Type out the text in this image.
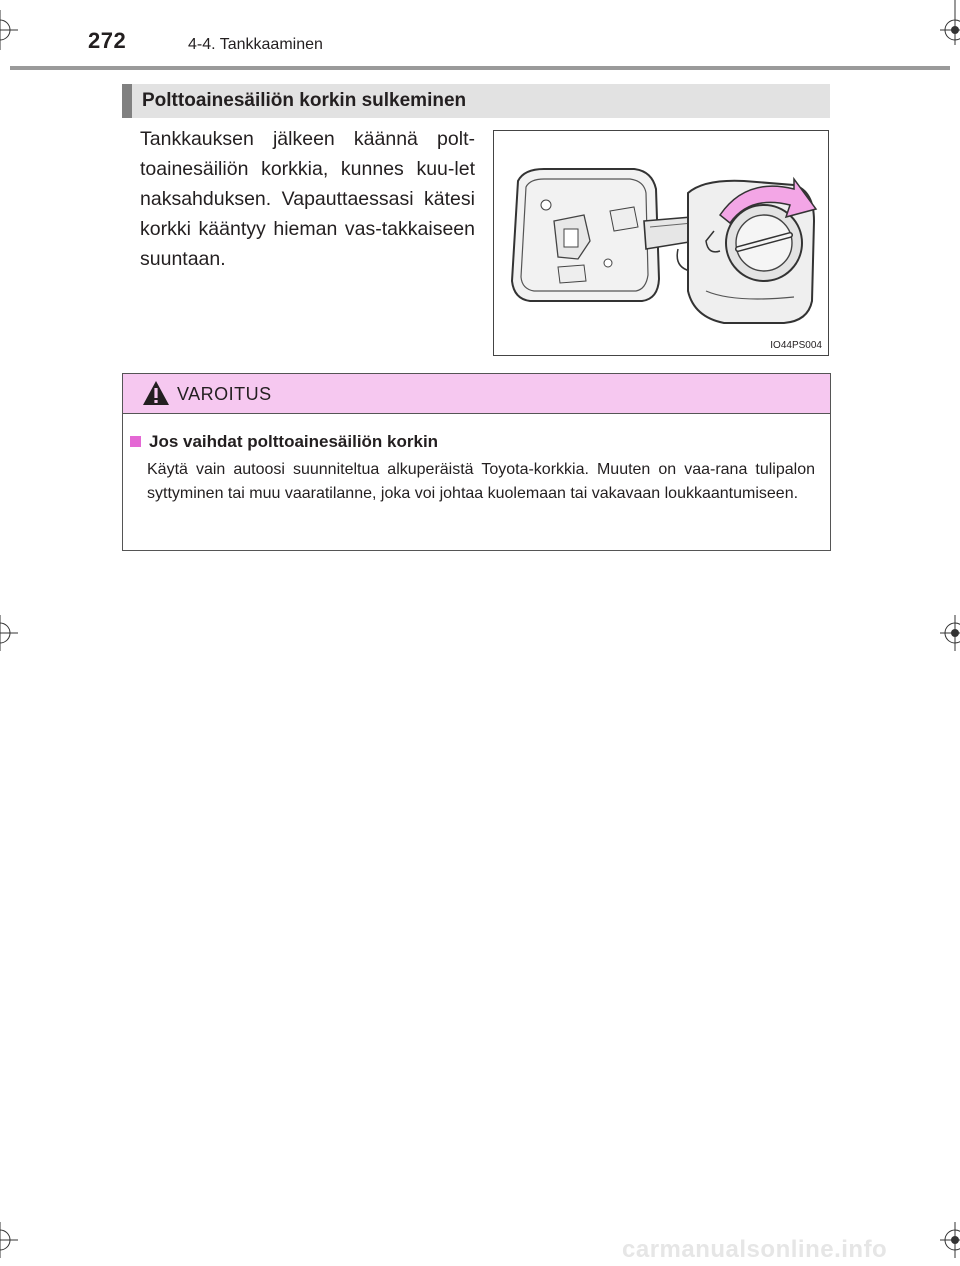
272	4-4. Tankkaaminen
Polttoainesäiliön korkin sulkeminen
Tankkauksen jälkeen käännä polt-toainesäiliön korkkia, kunnes kuu-let naksahduksen. Vapauttaessasi kätesi korkki kääntyy hieman vas-takkaiseen suuntaan.
IO44PS004
VAROITUS
Jos vaihdat polttoainesäiliön korkin
Käytä vain autoosi suunniteltua alkuperäistä Toyota-korkkia. Muuten on vaa-rana tulipalon syttyminen tai muu vaaratilanne, joka voi johtaa kuolemaan tai vakavaan loukkaantumiseen.
carmanualsonline.info
